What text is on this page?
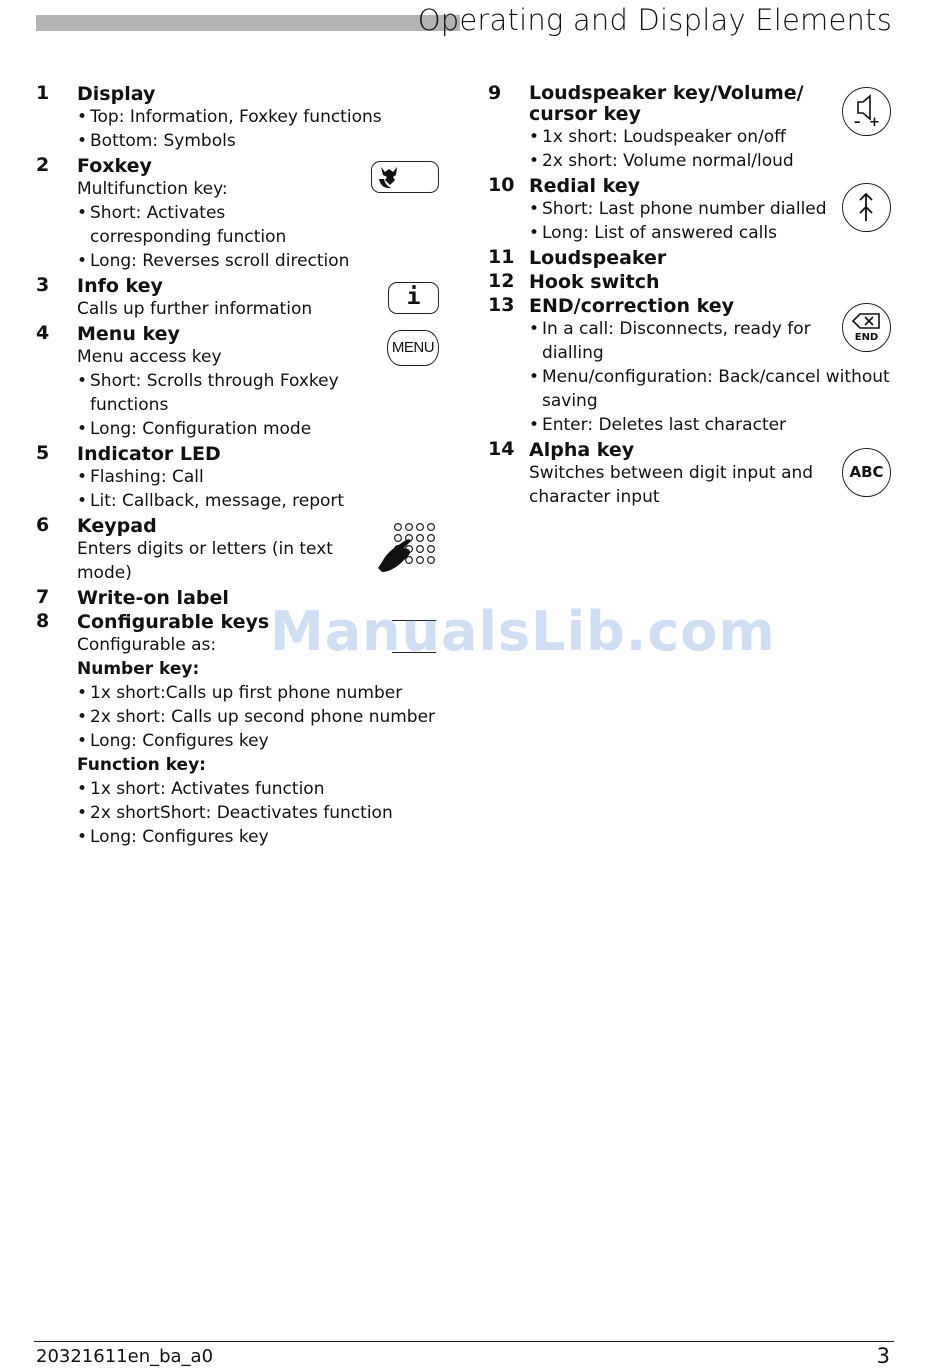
Operating and Display Elements
1	Display
• Top: Information, Foxkey functions
• Bottom: Symbols
2	Foxkey
Multifunction key:
• Short: Activates corresponding function
• Long: Reverses scroll direction
3	Info key
Calls up further information
4	Menu key
Menu access key
• Short: Scrolls through Foxkey functions
• Long: Configuration mode
5	Indicator LED
• Flashing: Call
• Lit: Callback, message, report
6	Keypad
Enters digits or letters (in text
mode)
7	Write-on label
8	Configurable keys
Configurable as:
Number key:
• 1x short:Calls up first phone number
• 2x short: Calls up second phone number
• Long: Configures key
Function key:
• 1x short: Activates function
• 2x shortShort: Deactivates function
• Long: Configures key
i
MENU
9	Loudspeaker key/Volume/
cursor key
• 1x short: Loudspeaker on/off
• 2x short: Volume normal/loud
10 Redial key
• Short: Last phone number dialled
• Long: List of answered calls
11 Loudspeaker
12 Hook switch
13 END/correction key
• In a call: Disconnects, ready for dialling
• Menu/configuration: Back/cancel without saving
• Enter: Deletes last character
14 Alpha key
Switches between digit input and
character input
– +
END
ABC
ManualsLib.com
20321611en_ba_a0	3
